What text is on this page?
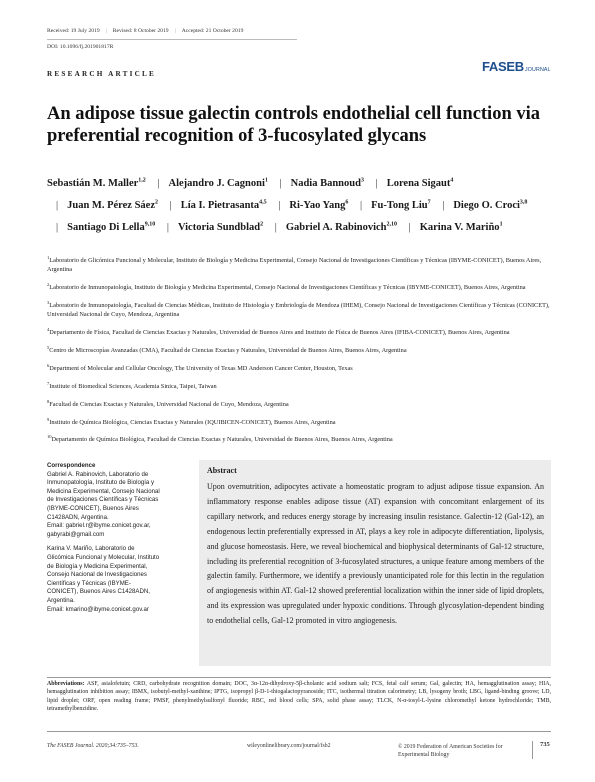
Received: 19 July 2019 | Revised: 8 October 2019 | Accepted: 21 October 2019
DOI: 10.1096/fj.201901817R
RESEARCH ARTICLE	FASEBJOURNAL
An adipose tissue galectin controls endothelial cell function via preferential recognition of 3-fucosylated glycans
Sebastián M. Maller$^{1,2}$ | Alejandro J. Cagnoni$^1$ | Nadia Bannoud$^3$ | Lorena Sigaut$^4$ | Juan M. Pérez Sáez$^2$ | Lía I. Pietrasanta$^{4,5}$ | Ri-Yao Yang$^6$ | Fu-Tong Liu$^7$ | Diego O. Croci$^{3,8}$ | Santiago Di Lella$^{9,10}$ | Victoria Sundblad$^2$ | Gabriel A. Rabinovich$^{2,10}$ | Karina V. Mariño$^1$
$^1$Laboratorio de Glicómica Funcional y Molecular, Instituto de Biología y Medicina Experimental, Consejo Nacional de Investigaciones Científicas y Técnicas (IBYME-CONICET), Buenos Aires, Argentina
$^2$Laboratorio de Inmunopatología, Instituto de Biología y Medicina Experimental, Consejo Nacional de Investigaciones Científicas y Técnicas (IBYME-CONICET), Buenos Aires, Argentina
$^3$Laboratorio de Inmunopatología, Facultad de Ciencias Médicas, Instituto de Histología y Embriología de Mendoza (IHEM), Consejo Nacional de Investigaciones Científicas y Técnicas (CONICET), Universidad Nacional de Cuyo, Mendoza, Argentina
$^4$Departamento de Física, Facultad de Ciencias Exactas y Naturales, Universidad de Buenos Aires and Instituto de Física de Buenos Aires (IFIBA-CONICET), Buenos Aires, Argentina
$^5$Centro de Microscopías Avanzadas (CMA), Facultad de Ciencias Exactas y Naturales, Universidad de Buenos Aires, Buenos Aires, Argentina
$^6$Department of Molecular and Cellular Oncology, The University of Texas MD Anderson Cancer Center, Houston, Texas
$^7$Institute of Biomedical Sciences, Academia Sinica, Taipei, Taiwan
$^8$Facultad de Ciencias Exactas y Naturales, Universidad Nacional de Cuyo, Mendoza, Argentina
$^9$Instituto de Química Biológica, Ciencias Exactas y Naturales (IQUIBICEN-CONICET), Buenos Aires, Argentina
$^{10}$Departamento de Química Biológica, Facultad de Ciencias Exactas y Naturales, Universidad de Buenos Aires, Buenos Aires, Argentina
Correspondence
Gabriel A. Rabinovich, Laboratorio de
Inmunopatología, Instituto de Biología y
Medicina Experimental, Consejo Nacional
de Investigaciones Científicas y Técnicas
(IBYME-CONICET), Buenos Aires
C1428ADN, Argentina.
Email: gabriel.r@ibyme.conicet.gov.ar,
gabyrabi@gmail.com
Karina V. Mariño, Laboratorio de
Glicómica Funcional y Molecular, Instituto
de Biología y Medicina Experimental,
Consejo Nacional de Investigaciones
Científicas y Técnicas (IBYME-
CONICET), Buenos Aires C1428ADN,
Argentina.
Email: kmarino@ibyme.conicet.gov.ar
Abstract
Upon overnutrition, adipocytes activate a homeostatic program to adjust adipose tissue expansion. An inflammatory response enables adipose tissue (AT) expansion with concomitant enlargement of its capillary network, and reduces energy storage by increasing insulin resistance. Galectin-12 (Gal-12), an endogenous lectin preferentially expressed in AT, plays a key role in adipocyte differentiation, lipolysis, and glucose homeostasis. Here, we reveal biochemical and biophysical determinants of Gal-12 structure, including its preferential recognition of 3-fucosylated structures, a unique feature among members of the galectin family. Furthermore, we identify a previously unanticipated role for this lectin in the regulation of angiogenesis within AT. Gal-12 showed preferential localization within the inner side of lipid droplets, and its expression was upregulated under hypoxic conditions. Through glycosylation-dependent binding to endothelial cells, Gal-12 promoted in vitro angiogenesis.
Abbreviations: ASF, asialofetuin; CRD, carbohydrate recognition domain; DOC, 3α-12α-dihydroxy-5β-cholanic acid sodium salt; FCS, fetal calf serum; Gal, galectin; HA, hemagglutination assay; HIA, hemagglutination inhibition assay; IBMX, isobutyl-methyl-xanthine; IPTG, isopropyl β-D-1-thiogalactopyranoside; ITC, isothermal titration calorimetry; LB, lysogeny broth; LBG, ligand-binding groove; LD, lipid droplet; ORF, open reading frame; PMSF, phenylmethylsulfonyl fluoride; RBC, red blood cells; SPA, solid phase assay; TLCK, N-α-tosyl-L-lysine chloromethyl ketone hydrochloride; TMB, tetramethylbenzidine.
The FASEB Journal. 2020;34:735–753.	wileyonlinelibrary.com/journal/fsb2	© 2019 Federation of American Societies for Experimental Biology
735
